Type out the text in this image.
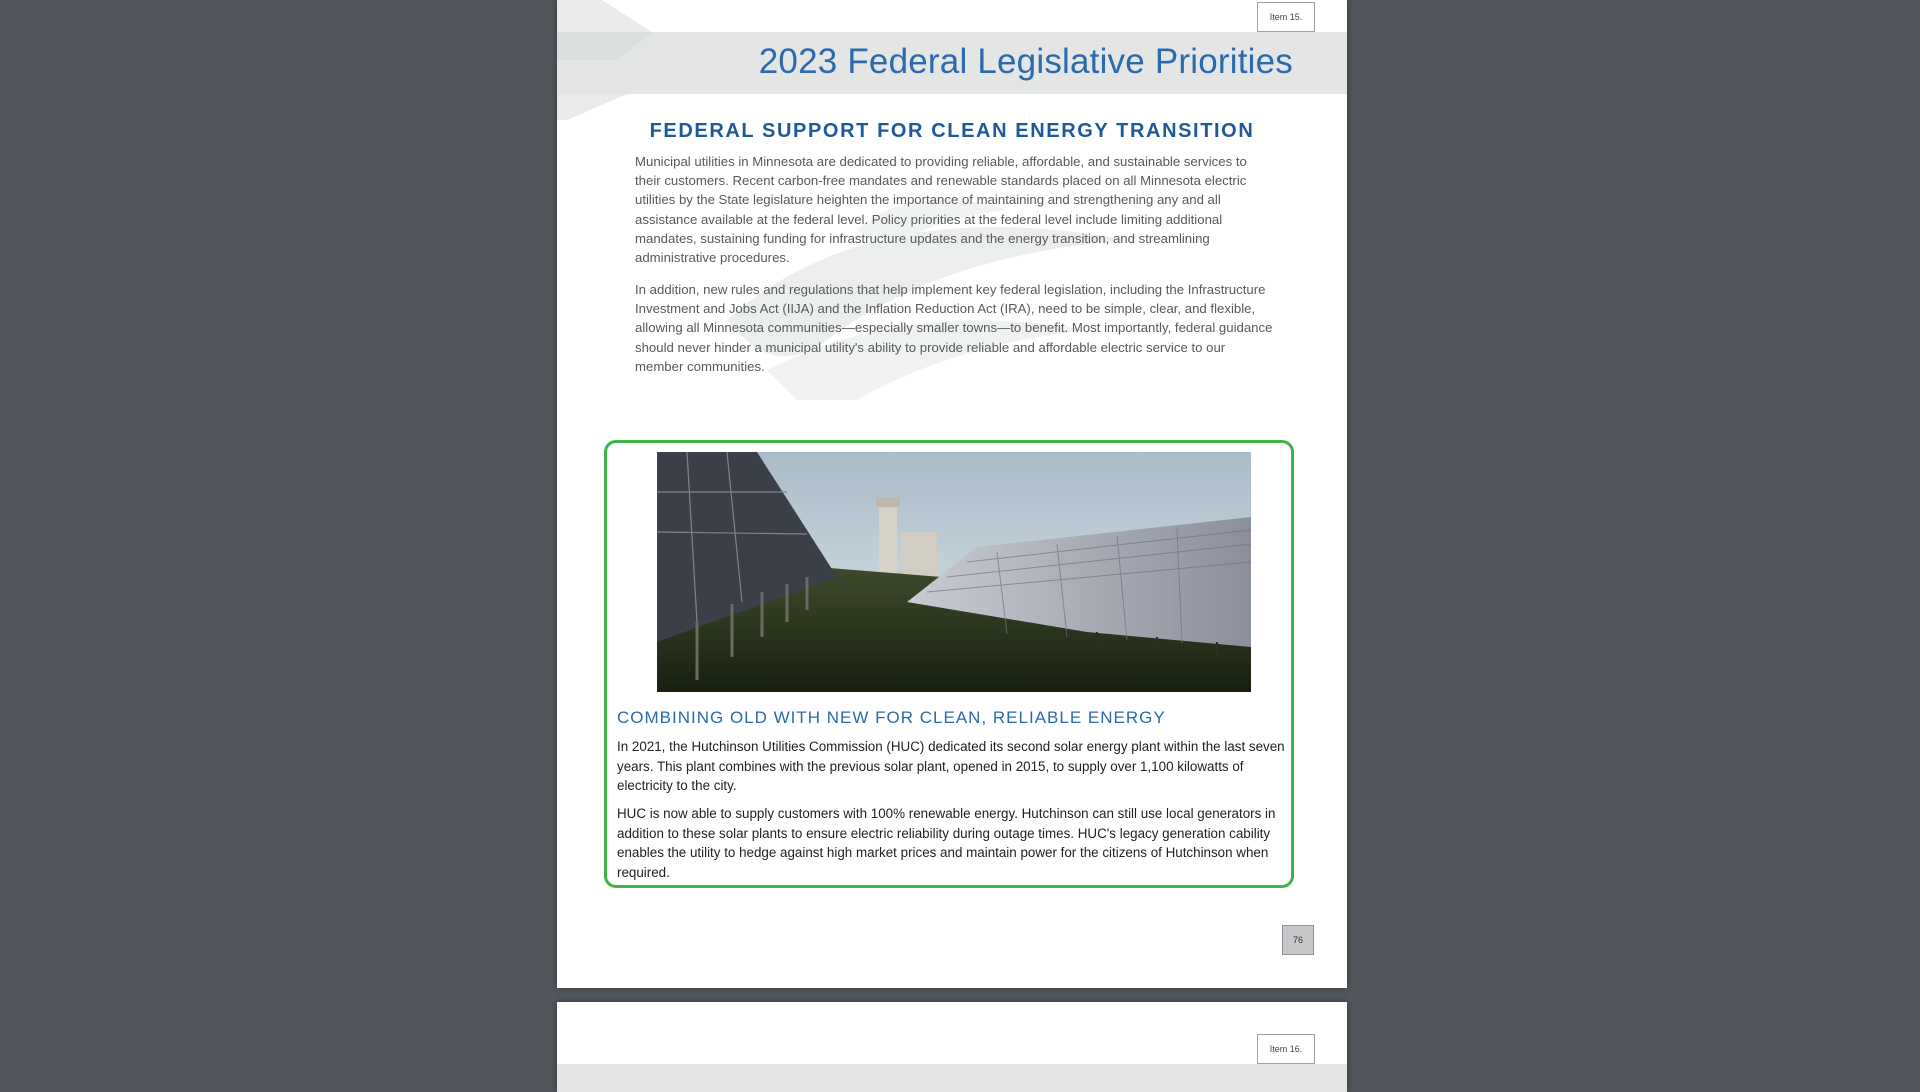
Item 15.
2023 Federal Legislative Priorities
FEDERAL SUPPORT FOR CLEAN ENERGY TRANSITION

Municipal utilities in Minnesota are dedicated to providing reliable, affordable, and sustainable services to their customers. Recent carbon-free mandates and renewable standards placed on all Minnesota electric utilities by the State legislature heighten the importance of maintaining and strengthening any and all assistance available at the federal level. Policy priorities at the federal level include limiting additional mandates, sustaining funding for infrastructure updates and the energy transition, and streamlining administrative procedures.

In addition, new rules and regulations that help implement key federal legislation, including the Infrastructure Investment and Jobs Act (IIJA) and the Inflation Reduction Act (IRA), need to be simple, clear, and flexible, allowing all Minnesota communities—especially smaller towns—to benefit. Most importantly, federal guidance should never hinder a municipal utility's ability to provide reliable and affordable electric service to our member communities.

COMBINING OLD WITH NEW FOR CLEAN, RELIABLE ENERGY

In 2021, the Hutchinson Utilities Commission (HUC) dedicated its second solar energy plant within the last seven years. This plant combines with the previous solar plant, opened in 2015, to supply over 1,100 kilowatts of electricity to the city.

HUC is now able to supply customers with 100% renewable energy. Hutchinson can still use local generators in addition to these solar plants to ensure electric reliability during outage times. HUC's legacy generation cability enables the utility to hedge against high market prices and maintain power for the citizens of Hutchinson when required.

76
Item 16.
